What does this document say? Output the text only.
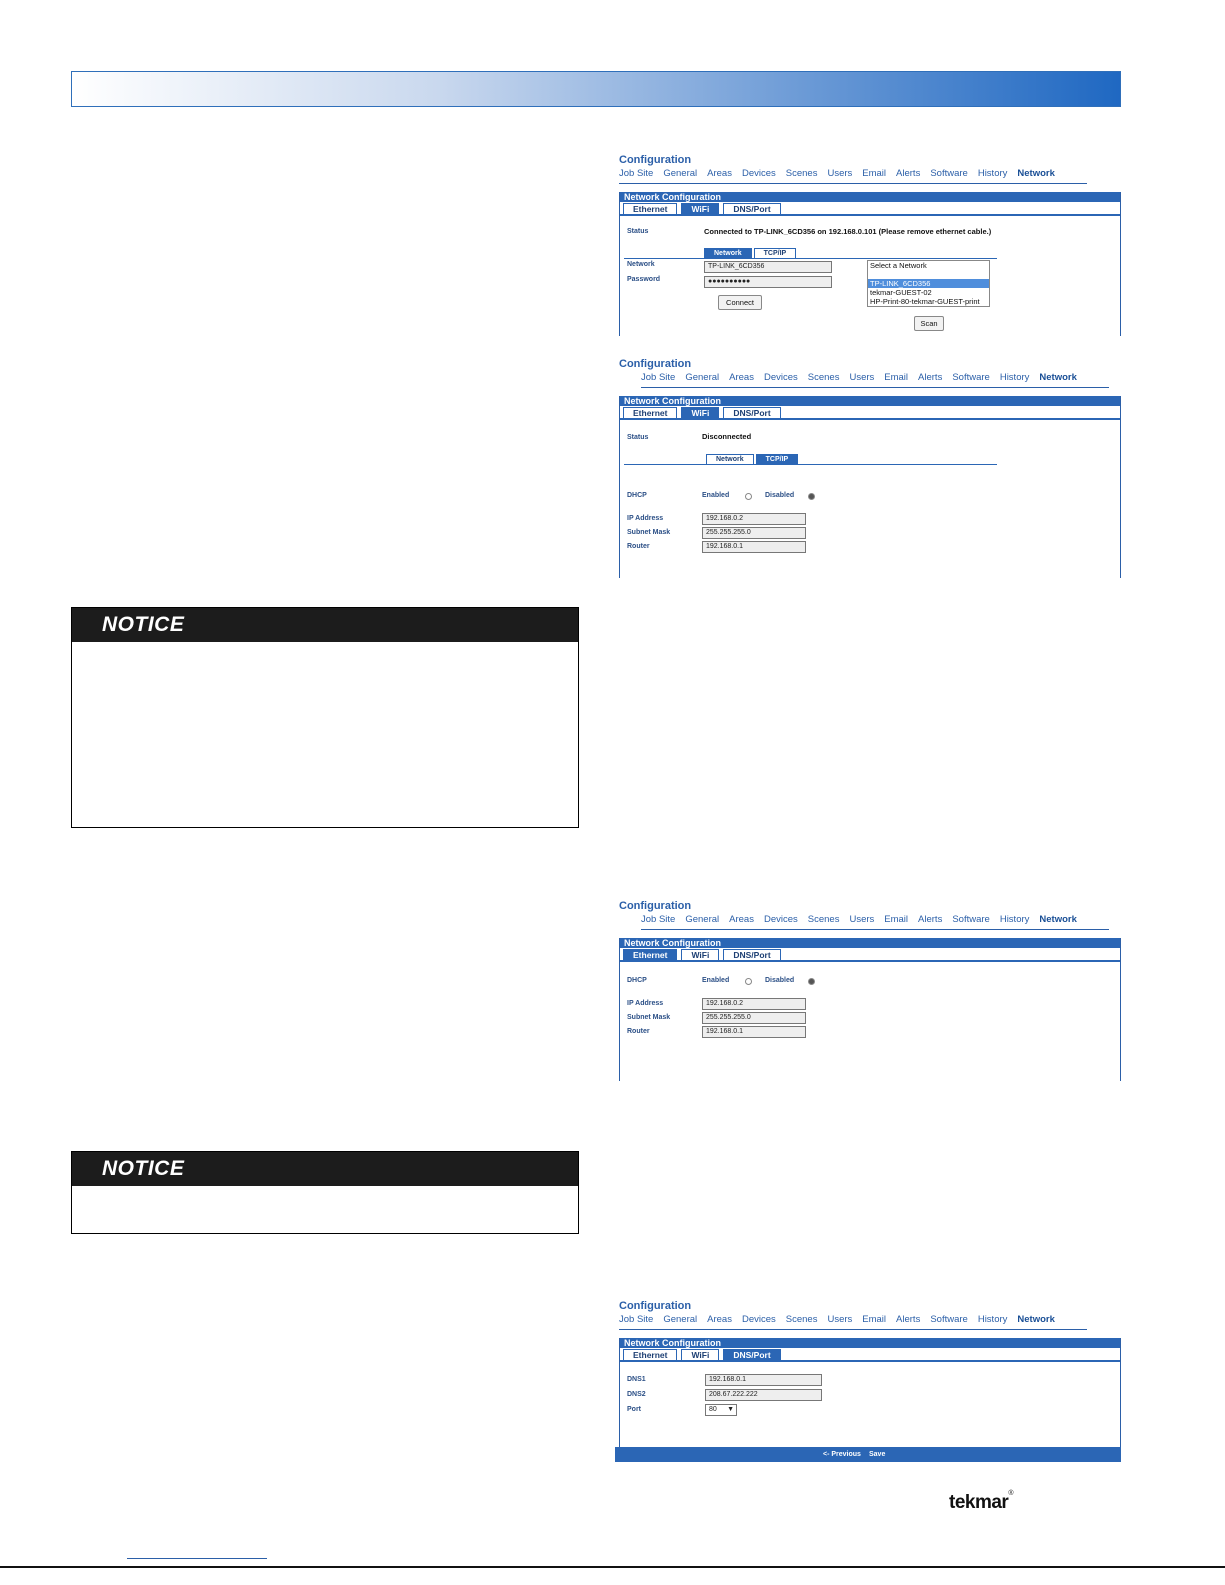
NOTICE
NOTICE
Configuration
Job Site General Areas Devices Scenes Users Email Alerts Software History Network
Network Configuration
Ethernet	WiFi	DNS/Port
Status	Connected to TP-LINK_6CD356 on 192.168.0.101 (Please remove ethernet cable.)
Network	TCP/IP
Network	TP-LINK_6CD356
Password	●●●●●●●●●●
Connect
Select a Network
TP-LINK_6CD356
tekmar-GUEST-02
HP-Print-80-tekmar-GUEST-print
Scan
Configuration
Job Site General Areas Devices Scenes Users Email Alerts Software History Network
Network Configuration
Ethernet	WiFi	DNS/Port
Status	Disconnected
Network	TCP/IP
DHCP	Enabled	Disabled
IP Address	192.168.0.2
Subnet Mask	255.255.255.0
Router	192.168.0.1
Configuration
Job Site General Areas Devices Scenes Users Email Alerts Software History Network
Network Configuration
Ethernet	WiFi	DNS/Port
DHCP	Enabled	Disabled
IP Address	192.168.0.2
Subnet Mask	255.255.255.0
Router	192.168.0.1
Configuration
Job Site General Areas Devices Scenes Users Email Alerts Software History Network
Network Configuration
Ethernet	WiFi	DNS/Port
DNS1	192.168.0.1
DNS2	208.67.222.222
Port	80 ▼
<- Previous Save
tekmar®
